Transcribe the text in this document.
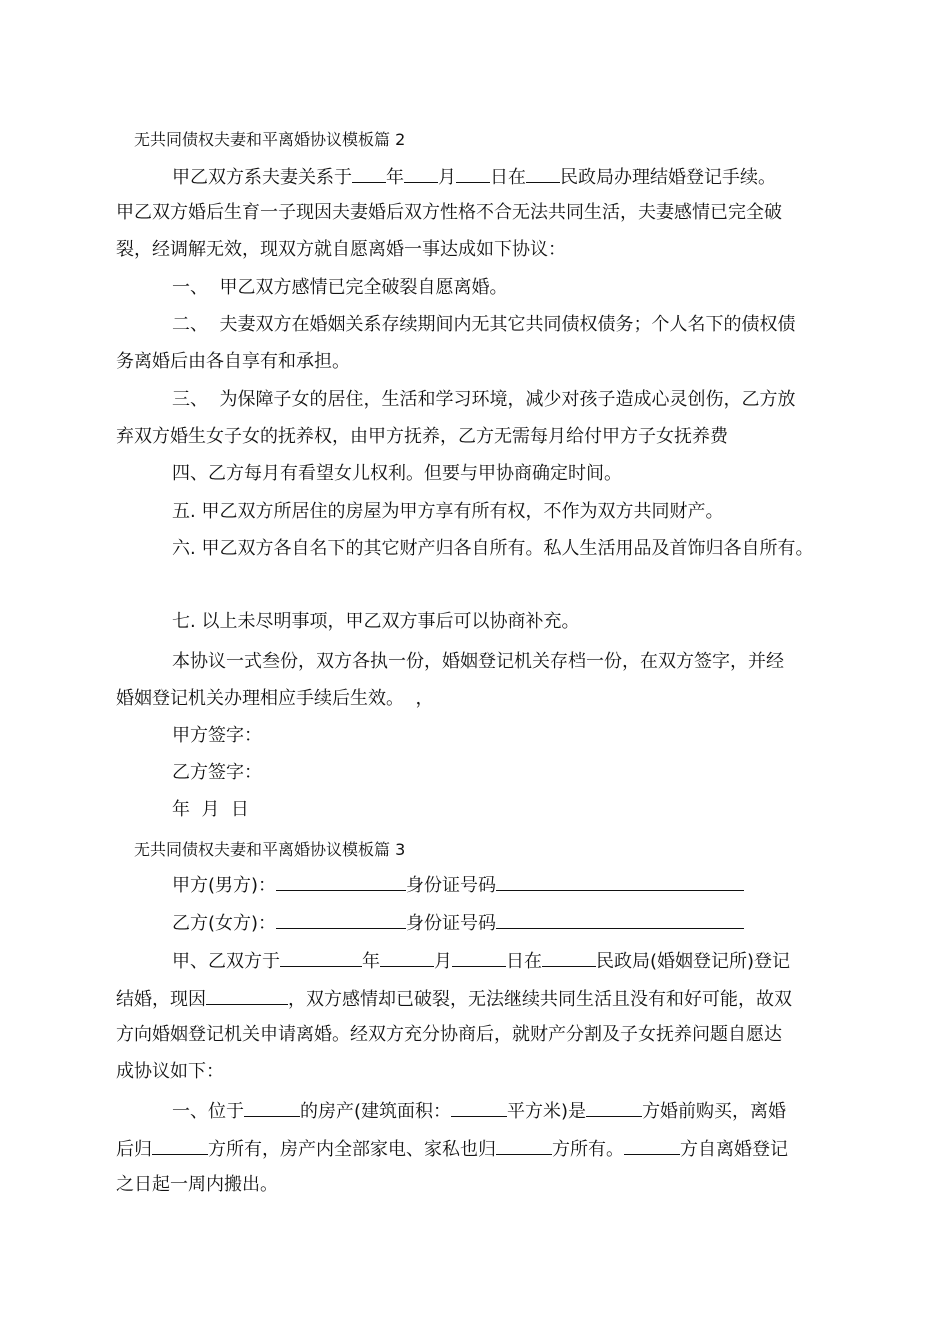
无共同债权夫妻和平离婚协议模板篇 2

甲乙双方系夫妻关系于 年 月 日在 民政局办理结婚登记手续。

甲乙双方婚后生育一子现因夫妻婚后双方性格不合无法共同生活，夫妻感情已完全破

裂，经调解无效，现双方就自愿离婚一事达成如下协议：

一、  甲乙双方感情已完全破裂自愿离婚。

二、  夫妻双方在婚姻关系存续期间内无其它共同债权债务；个人名下的债权债

务离婚后由各自享有和承担。

三、  为保障子女的居住，生活和学习环境，减少对孩子造成心灵创伤，乙方放

弃双方婚生女子女的抚养权，由甲方抚养，乙方无需每月给付甲方子女抚养费

四、乙方每月有看望女儿权利。但要与甲协商确定时间。

五. 甲乙双方所居住的房屋为甲方享有所有权，不作为双方共同财产。

六. 甲乙双方各自名下的其它财产归各自所有。私人生活用品及首饰归各自所有。

七. 以上未尽明事项，甲乙双方事后可以协商补充。

本协议一式叁份，双方各执一份，婚姻登记机关存档一份，在双方签字，并经

婚姻登记机关办理相应手续后生效。  ，

甲方签字：

乙方签字：

年  月  日

无共同债权夫妻和平离婚协议模板篇 3

甲方(男方)：	身份证号码

乙方(女方)：	身份证号码

甲、乙双方于	年	月	日在	民政局(婚姻登记所)登记

结婚，现因	，双方感情却已破裂，无法继续共同生活且没有和好可能，故双

方向婚姻登记机关申请离婚。经双方充分协商后，就财产分割及子女抚养问题自愿达

成协议如下：

一、位于	的房产(建筑面积：	平方米)是	方婚前购买，离婚

后归	方所有，房产内全部家电、家私也归	方所有。	方自离婚登记

之日起一周内搬出。
